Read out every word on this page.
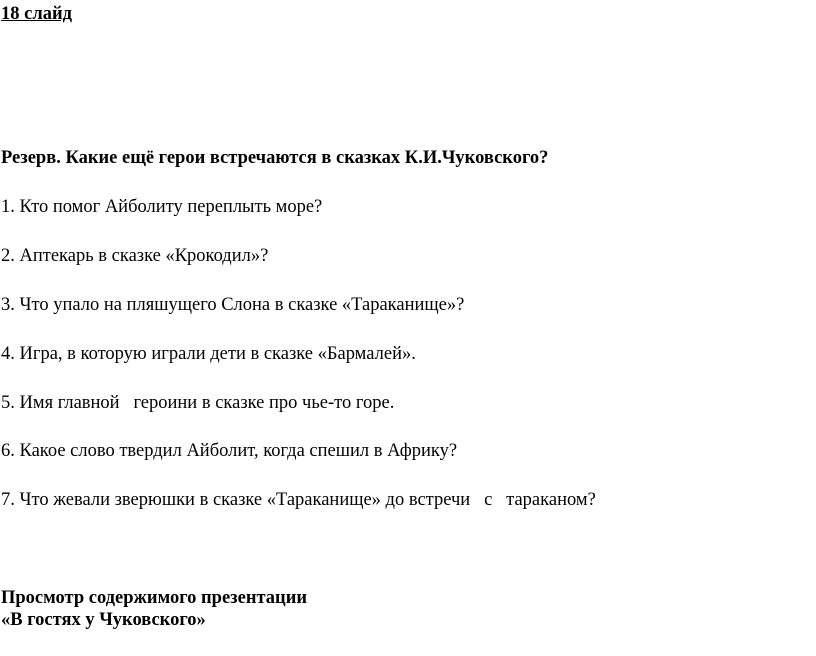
18 слайд
Резерв. Какие ещё герои встречаются в сказках К.И.Чуковского?
1. Кто помог Айболиту переплыть море?
2. Аптекарь в сказке «Крокодил»?
3. Что упало на пляшущего Слона в сказке «Тараканище»?
4. Игра, в которую играли дети в сказке «Бармалей».
5. Имя главной   героини в сказке про чье-то горе.
6. Какое слово твердил Айболит, когда спешил в Африку?
7. Что жевали зверюшки в сказке «Тараканище» до встречи   с   тараканом?
Просмотр содержимого презентации
«В гостях у Чуковского»
